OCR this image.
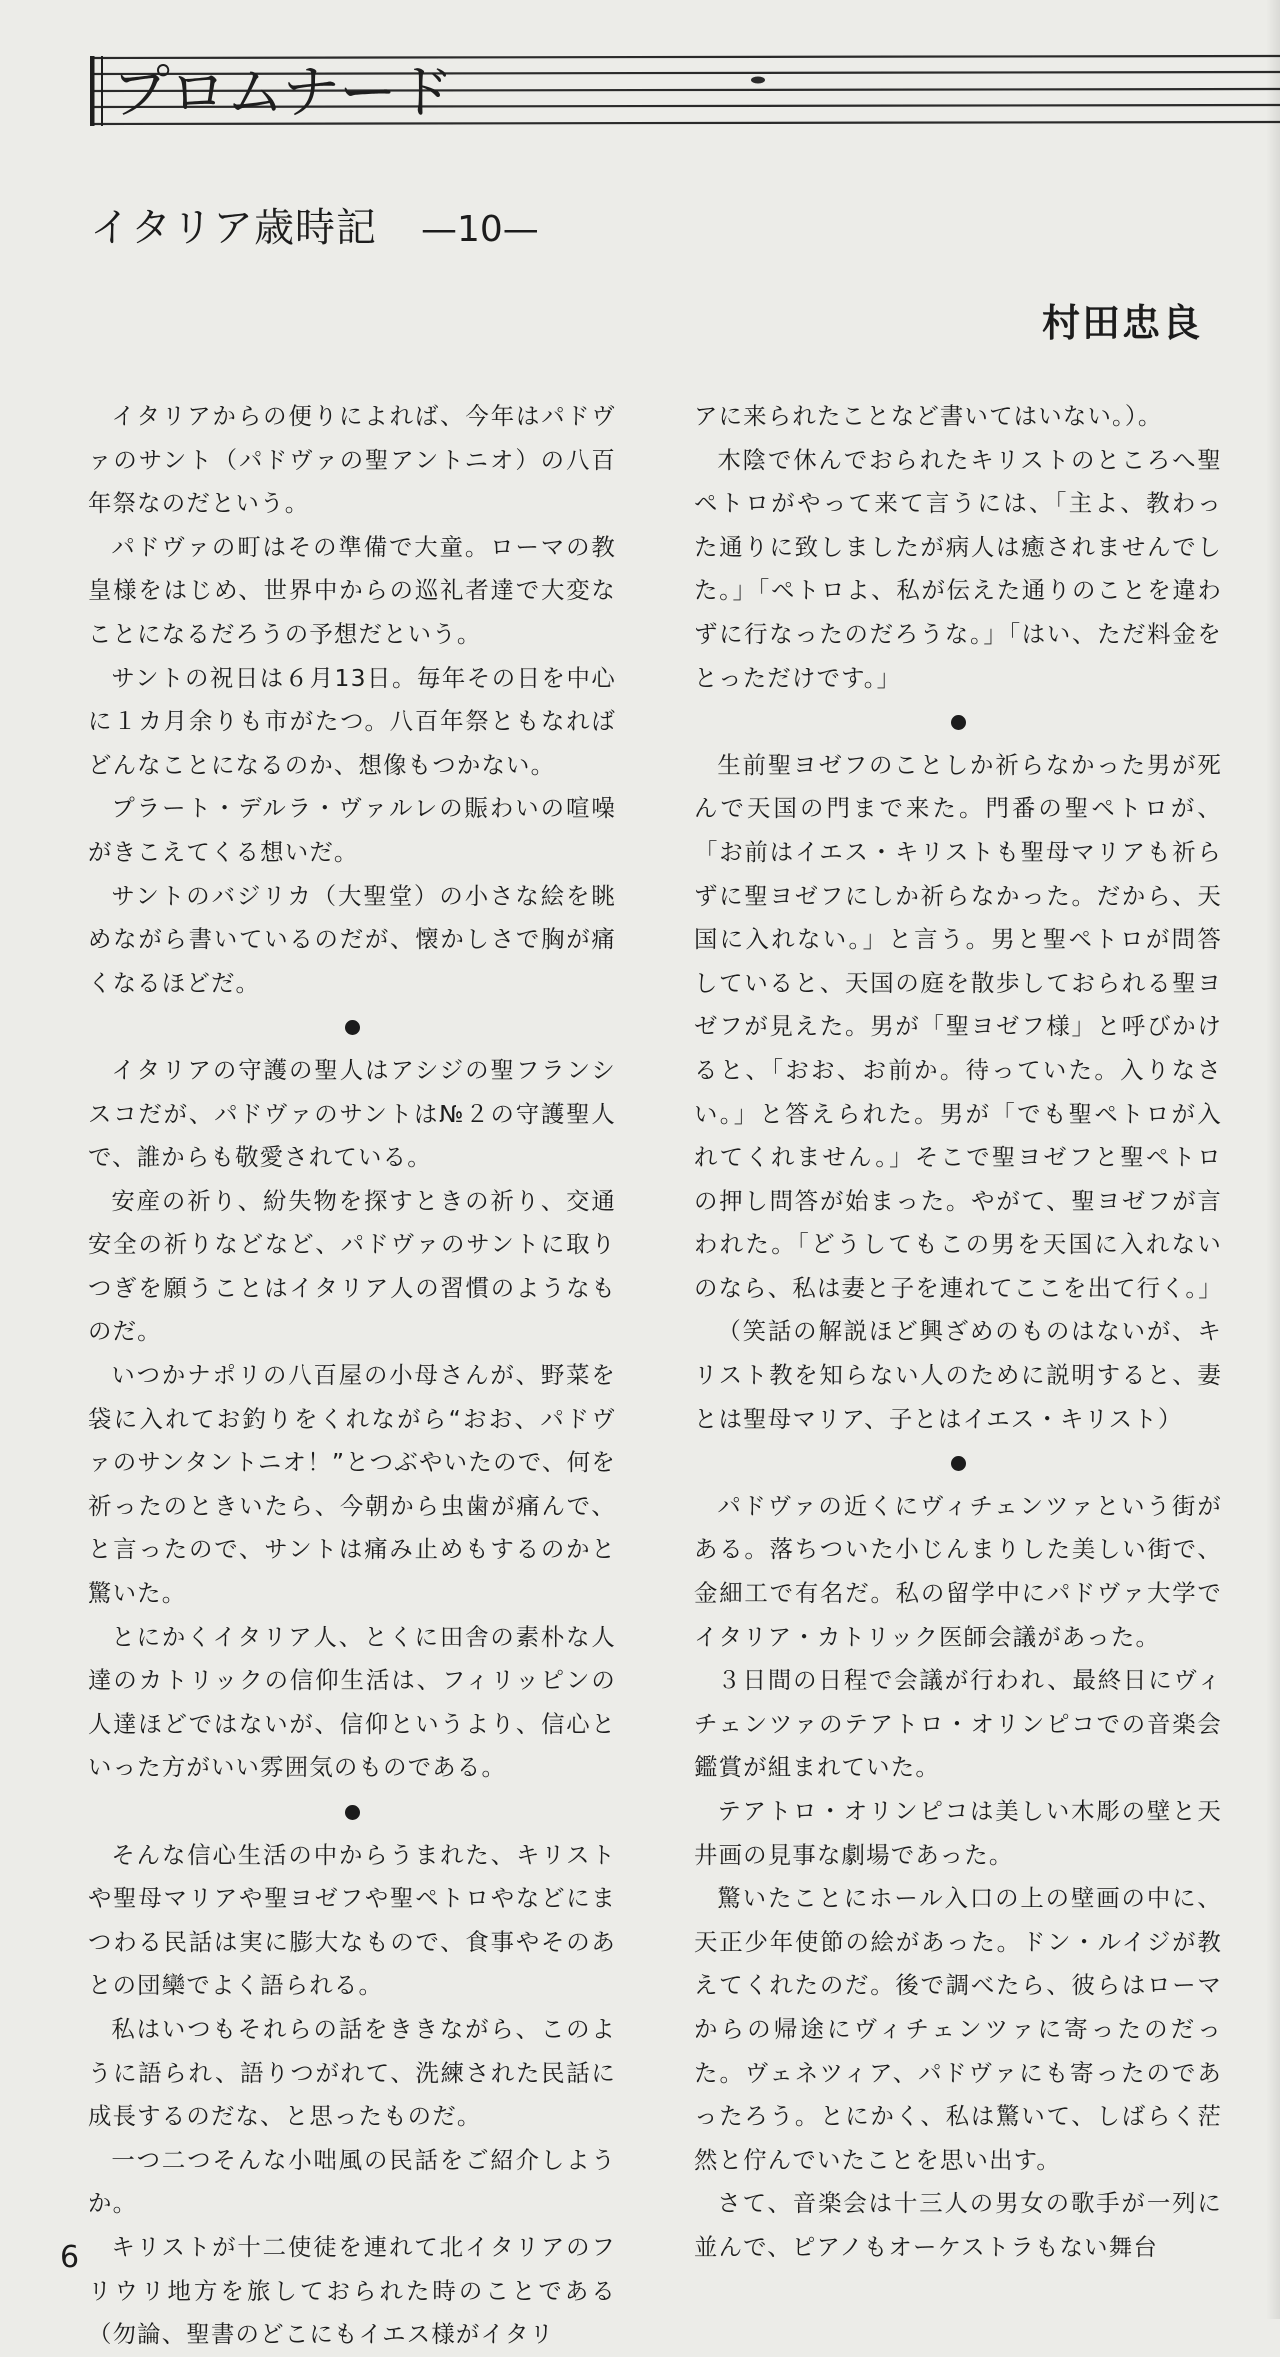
プロムナード
イタリア歳時記 —10—
村田忠良

イタリアからの便りによれば、今年はパドヴァのサント（パドヴァの聖アントニオ）の八百年祭なのだという。

パドヴァの町はその準備で大童。ローマの教皇様をはじめ、世界中からの巡礼者達で大変なことになるだろうの予想だという。

サントの祝日は６月13日。毎年その日を中心に１カ月余りも市がたつ。八百年祭ともなればどんなことになるのか、想像もつかない。

プラート・デルラ・ヴァルレの賑わいの喧噪がきこえてくる想いだ。

サントのバジリカ（大聖堂）の小さな絵を眺めながら書いているのだが、懐かしさで胸が痛くなるほどだ。

イタリアの守護の聖人はアシジの聖フランシスコだが、パドヴァのサントは№２の守護聖人で、誰からも敬愛されている。

安産の祈り、紛失物を探すときの祈り、交通安全の祈りなどなど、パドヴァのサントに取りつぎを願うことはイタリア人の習慣のようなものだ。

いつかナポリの八百屋の小母さんが、野菜を袋に入れてお釣りをくれながら“おお、パドヴァのサンタントニオ！”とつぶやいたので、何を祈ったのときいたら、今朝から虫歯が痛んで、と言ったので、サントは痛み止めもするのかと驚いた。

とにかくイタリア人、とくに田舎の素朴な人達のカトリックの信仰生活は、フィリッピンの人達ほどではないが、信仰というより、信心といった方がいい雰囲気のものである。

そんな信心生活の中からうまれた、キリストや聖母マリアや聖ヨゼフや聖ペトロやなどにまつわる民話は実に膨大なもので、食事やそのあとの団欒でよく語られる。

私はいつもそれらの話をききながら、このように語られ、語りつがれて、洗練された民話に成長するのだな、と思ったものだ。

一つ二つそんな小咄風の民話をご紹介しようか。

キリストが十二使徒を連れて北イタリアのフリウリ地方を旅しておられた時のことである（勿論、聖書のどこにもイエス様がイタリ

アに来られたことなど書いてはいない。）。

木陰で休んでおられたキリストのところへ聖ペトロがやって来て言うには、「主よ、教わった通りに致しましたが病人は癒されませんでした。」「ペトロよ、私が伝えた通りのことを違わずに行なったのだろうな。」「はい、ただ料金をとっただけです。」

生前聖ヨゼフのことしか祈らなかった男が死んで天国の門まで来た。門番の聖ペトロが、「お前はイエス・キリストも聖母マリアも祈らずに聖ヨゼフにしか祈らなかった。だから、天国に入れない。」と言う。男と聖ペトロが問答していると、天国の庭を散歩しておられる聖ヨゼフが見えた。男が「聖ヨゼフ様」と呼びかけると、「おお、お前か。待っていた。入りなさい。」と答えられた。男が「でも聖ペトロが入れてくれません。」そこで聖ヨゼフと聖ペトロの押し問答が始まった。やがて、聖ヨゼフが言われた。「どうしてもこの男を天国に入れないのなら、私は妻と子を連れてここを出て行く。」

（笑話の解説ほど興ざめのものはないが、キリスト教を知らない人のために説明すると、妻とは聖母マリア、子とはイエス・キリスト）

パドヴァの近くにヴィチェンツァという街がある。落ちついた小じんまりした美しい街で、金細工で有名だ。私の留学中にパドヴァ大学でイタリア・カトリック医師会議があった。

３日間の日程で会議が行われ、最終日にヴィチェンツァのテアトロ・オリンピコでの音楽会鑑賞が組まれていた。

テアトロ・オリンピコは美しい木彫の壁と天井画の見事な劇場であった。

驚いたことにホール入口の上の壁画の中に、天正少年使節の絵があった。ドン・ルイジが教えてくれたのだ。後で調べたら、彼らはローマからの帰途にヴィチェンツァに寄ったのだった。ヴェネツィア、パドヴァにも寄ったのであったろう。とにかく、私は驚いて、しばらく茫然と佇んでいたことを思い出す。

さて、音楽会は十三人の男女の歌手が一列に並んで、ピアノもオーケストラもない舞台

6
